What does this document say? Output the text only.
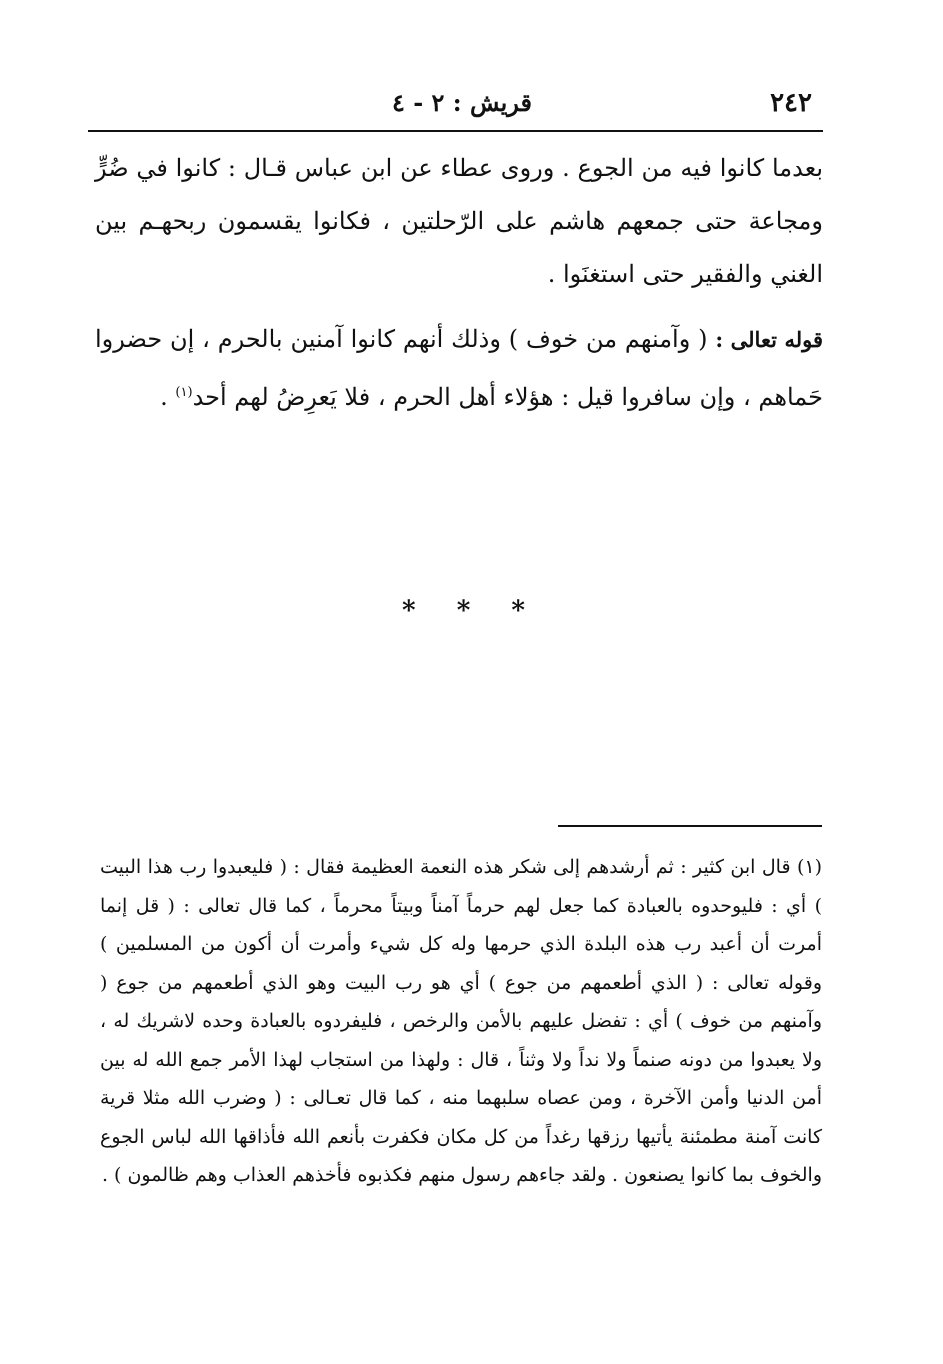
٢٤٢
قريش : ٢ - ٤

بعدما كانوا فيه من الجوع . وروى عطاء عن ابن عباس قـال : كانوا في ضُرٍّ ومجاعة حتى جمعهم هاشم على الرّحلتين ، فكانوا يقسمون ربحهـم بين الغني والفقير حتى استغنَوا .

قوله تعالى : ( وآمنهم من خوف ) وذلك أنهم كانوا آمنين بالحرم ، إن حضروا حَماهم ، وإن سافروا قيل : هؤلاء أهل الحرم ، فلا يَعرِضُ لهم أحد$^{(١)}$ .

* * *

(١) قال ابن كثير : ثم أرشدهم إلى شكر هذه النعمة العظيمة فقال : ( فليعبدوا رب هذا البيت ) أي : فليوحدوه بالعبادة كما جعل لهم حرماً آمناً وبيتاً محرماً ، كما قال تعالى : ( قل إنما أمرت أن أعبد رب هذه البلدة الذي حرمها وله كل شيء وأمرت أن أكون من المسلمين ) وقوله تعالى : ( الذي أطعمهم من جوع ) أي هو رب البيت وهو الذي أطعمهم من جوع ( وآمنهم من خوف ) أي : تفضل عليهم بالأمن والرخص ، فليفردوه بالعبادة وحده لاشريك له ، ولا يعبدوا من دونه صنماً ولا نداً ولا وثناً ، قال : ولهذا من استجاب لهذا الأمر جمع الله له بين أمن الدنيا وأمن الآخرة ، ومن عصاه سلبهما منه ، كما قال تعـالى : ( وضرب الله مثلا قرية كانت آمنة مطمئنة يأتيها رزقها رغداً من كل مكان فكفرت بأنعم الله فأذاقها الله لباس الجوع والخوف بما كانوا يصنعون . ولقد جاءهم رسول منهم فكذبوه فأخذهم العذاب وهم ظالمون ) .
